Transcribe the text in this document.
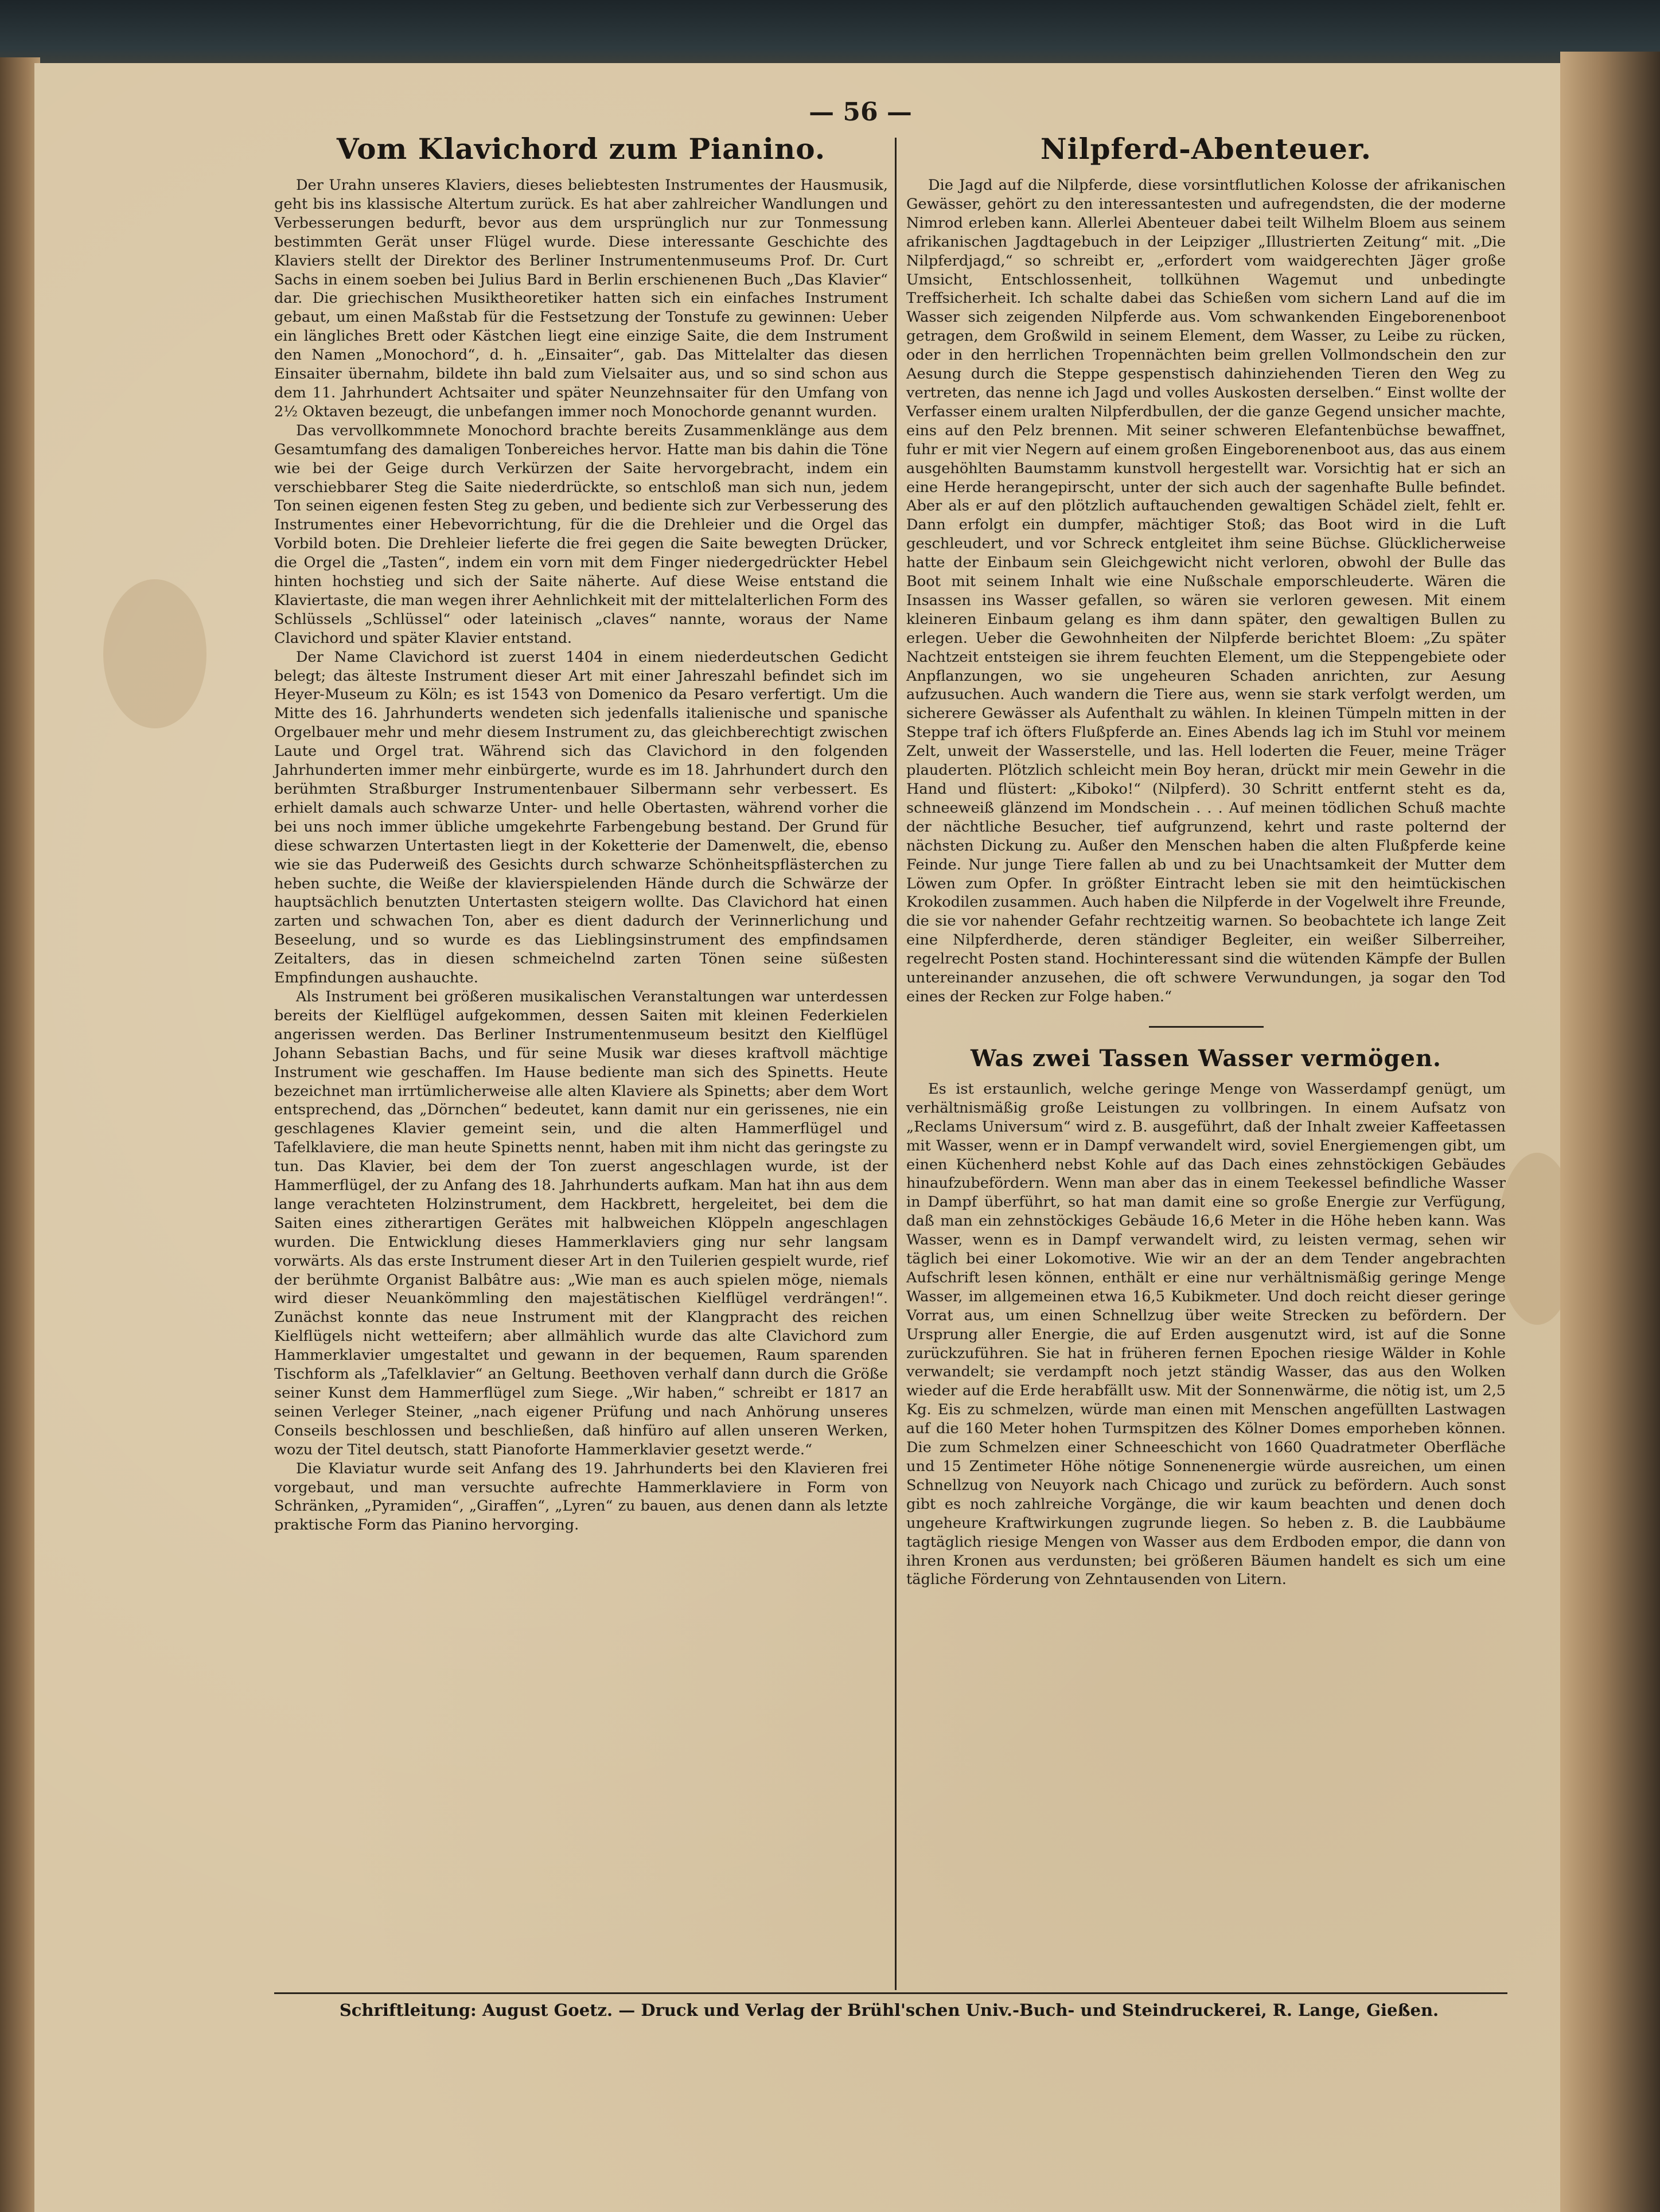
— 56 —
Vom Klavichord zum Pianino.

Der Urahn unseres Klaviers, dieses beliebtesten Instrumentes der Hausmusik, geht bis ins klassische Altertum zurück. Es hat aber zahlreicher Wandlungen und Verbesserungen bedurft, bevor aus dem ursprünglich nur zur Tonmessung bestimmten Gerät unser Flügel wurde. Diese interessante Geschichte des Klaviers stellt der Direktor des Berliner Instrumentenmuseums Prof. Dr. Curt Sachs in einem soeben bei Julius Bard in Berlin erschienenen Buch „Das Klavier“ dar. Die griechischen Musiktheoretiker hatten sich ein einfaches Instrument gebaut, um einen Maßstab für die Festsetzung der Tonstufe zu gewinnen: Ueber ein längliches Brett oder Kästchen liegt eine einzige Saite, die dem Instrument den Namen „Monochord“, d. h. „Einsaiter“, gab. Das Mittelalter das diesen Einsaiter übernahm, bildete ihn bald zum Vielsaiter aus, und so sind schon aus dem 11. Jahrhundert Achtsaiter und später Neunzehnsaiter für den Umfang von 2½ Oktaven bezeugt, die unbefangen immer noch Monochorde genannt wurden.

Das vervollkommnete Monochord brachte bereits Zusammenklänge aus dem Gesamtumfang des damaligen Tonbereiches hervor. Hatte man bis dahin die Töne wie bei der Geige durch Verkürzen der Saite hervorgebracht, indem ein verschiebbarer Steg die Saite niederdrückte, so entschloß man sich nun, jedem Ton seinen eigenen festen Steg zu geben, und bediente sich zur Verbesserung des Instrumentes einer Hebevorrichtung, für die die Drehleier und die Orgel das Vorbild boten. Die Drehleier lieferte die frei gegen die Saite bewegten Drücker, die Orgel die „Tasten“, indem ein vorn mit dem Finger niedergedrückter Hebel hinten hochstieg und sich der Saite näherte. Auf diese Weise entstand die Klaviertaste, die man wegen ihrer Aehnlichkeit mit der mittelalterlichen Form des Schlüssels „Schlüssel“ oder lateinisch „claves“ nannte, woraus der Name Clavichord und später Klavier entstand.

Der Name Clavichord ist zuerst 1404 in einem niederdeutschen Gedicht belegt; das älteste Instrument dieser Art mit einer Jahreszahl befindet sich im Heyer-Museum zu Köln; es ist 1543 von Domenico da Pesaro verfertigt. Um die Mitte des 16. Jahrhunderts wendeten sich jedenfalls italienische und spanische Orgelbauer mehr und mehr diesem Instrument zu, das gleichberechtigt zwischen Laute und Orgel trat. Während sich das Clavichord in den folgenden Jahrhunderten immer mehr einbürgerte, wurde es im 18. Jahrhundert durch den berühmten Straßburger Instrumentenbauer Silbermann sehr verbessert. Es erhielt damals auch schwarze Unter- und helle Obertasten, während vorher die bei uns noch immer übliche umgekehrte Farbengebung bestand. Der Grund für diese schwarzen Untertasten liegt in der Koketterie der Damenwelt, die, ebenso wie sie das Puderweiß des Gesichts durch schwarze Schönheitspflästerchen zu heben suchte, die Weiße der klavierspielenden Hände durch die Schwärze der hauptsächlich benutzten Untertasten steigern wollte. Das Clavichord hat einen zarten und schwachen Ton, aber es dient dadurch der Verinnerlichung und Beseelung, und so wurde es das Lieblingsinstrument des empfindsamen Zeitalters, das in diesen schmeichelnd zarten Tönen seine süßesten Empfindungen aushauchte.

Als Instrument bei größeren musikalischen Veranstaltungen war unterdessen bereits der Kielflügel aufgekommen, dessen Saiten mit kleinen Federkielen angerissen werden. Das Berliner Instrumentenmuseum besitzt den Kielflügel Johann Sebastian Bachs, und für seine Musik war dieses kraftvoll mächtige Instrument wie geschaffen. Im Hause bediente man sich des Spinetts. Heute bezeichnet man irrtümlicherweise alle alten Klaviere als Spinetts; aber dem Wort entsprechend, das „Dörnchen“ bedeutet, kann damit nur ein gerissenes, nie ein geschlagenes Klavier gemeint sein, und die alten Hammerflügel und Tafelklaviere, die man heute Spinetts nennt, haben mit ihm nicht das geringste zu tun. Das Klavier, bei dem der Ton zuerst angeschlagen wurde, ist der Hammerflügel, der zu Anfang des 18. Jahrhunderts aufkam. Man hat ihn aus dem lange verachteten Holzinstrument, dem Hackbrett, hergeleitet, bei dem die Saiten eines zitherartigen Gerätes mit halbweichen Klöppeln angeschlagen wurden. Die Entwicklung dieses Hammerklaviers ging nur sehr langsam vorwärts. Als das erste Instrument dieser Art in den Tuilerien gespielt wurde, rief der berühmte Organist Balbâtre aus: „Wie man es auch spielen möge, niemals wird dieser Neuankömmling den majestätischen Kielflügel verdrängen!“. Zunächst konnte das neue Instrument mit der Klangpracht des reichen Kielflügels nicht wetteifern; aber allmählich wurde das alte Clavichord zum Hammerklavier umgestaltet und gewann in der bequemen, Raum sparenden Tischform als „Tafelklavier“ an Geltung. Beethoven verhalf dann durch die Größe seiner Kunst dem Hammerflügel zum Siege. „Wir haben,“ schreibt er 1817 an seinen Verleger Steiner, „nach eigener Prüfung und nach Anhörung unseres Conseils beschlossen und beschließen, daß hinfüro auf allen unseren Werken, wozu der Titel deutsch, statt Pianoforte Hammerklavier gesetzt werde.“

Die Klaviatur wurde seit Anfang des 19. Jahrhunderts bei den Klavieren frei vorgebaut, und man versuchte aufrechte Hammerklaviere in Form von Schränken, „Pyramiden“, „Giraffen“, „Lyren“ zu bauen, aus denen dann als letzte praktische Form das Pianino hervorging.

Nilpferd-Abenteuer.

Die Jagd auf die Nilpferde, diese vorsintflutlichen Kolosse der afrikanischen Gewässer, gehört zu den interessantesten und aufregendsten, die der moderne Nimrod erleben kann. Allerlei Abenteuer dabei teilt Wilhelm Bloem aus seinem afrikanischen Jagdtagebuch in der Leipziger „Illustrierten Zeitung“ mit. „Die Nilpferdjagd,“ so schreibt er, „erfordert vom waidgerechten Jäger große Umsicht, Entschlossenheit, tollkühnen Wagemut und unbedingte Treffsicherheit. Ich schalte dabei das Schießen vom sichern Land auf die im Wasser sich zeigenden Nilpferde aus. Vom schwankenden Eingeborenenboot getragen, dem Großwild in seinem Element, dem Wasser, zu Leibe zu rücken, oder in den herrlichen Tropennächten beim grellen Vollmondschein den zur Aesung durch die Steppe gespenstisch dahinziehenden Tieren den Weg zu vertreten, das nenne ich Jagd und volles Auskosten derselben.“ Einst wollte der Verfasser einem uralten Nilpferdbullen, der die ganze Gegend unsicher machte, eins auf den Pelz brennen. Mit seiner schweren Elefantenbüchse bewaffnet, fuhr er mit vier Negern auf einem großen Eingeborenenboot aus, das aus einem ausgehöhlten Baumstamm kunstvoll hergestellt war. Vorsichtig hat er sich an eine Herde herangepirscht, unter der sich auch der sagenhafte Bulle befindet. Aber als er auf den plötzlich auftauchenden gewaltigen Schädel zielt, fehlt er. Dann erfolgt ein dumpfer, mächtiger Stoß; das Boot wird in die Luft geschleudert, und vor Schreck entgleitet ihm seine Büchse. Glücklicherweise hatte der Einbaum sein Gleichgewicht nicht verloren, obwohl der Bulle das Boot mit seinem Inhalt wie eine Nußschale emporschleuderte. Wären die Insassen ins Wasser gefallen, so wären sie verloren gewesen. Mit einem kleineren Einbaum gelang es ihm dann später, den gewaltigen Bullen zu erlegen. Ueber die Gewohnheiten der Nilpferde berichtet Bloem: „Zu später Nachtzeit entsteigen sie ihrem feuchten Element, um die Steppengebiete oder Anpflanzungen, wo sie ungeheuren Schaden anrichten, zur Aesung aufzusuchen. Auch wandern die Tiere aus, wenn sie stark verfolgt werden, um sicherere Gewässer als Aufenthalt zu wählen. In kleinen Tümpeln mitten in der Steppe traf ich öfters Flußpferde an. Eines Abends lag ich im Stuhl vor meinem Zelt, unweit der Wasserstelle, und las. Hell loderten die Feuer, meine Träger plauderten. Plötzlich schleicht mein Boy heran, drückt mir mein Gewehr in die Hand und flüstert: „Kiboko!“ (Nilpferd). 30 Schritt entfernt steht es da, schneeweiß glänzend im Mondschein . . . Auf meinen tödlichen Schuß machte der nächtliche Besucher, tief aufgrunzend, kehrt und raste polternd der nächsten Dickung zu. Außer den Menschen haben die alten Flußpferde keine Feinde. Nur junge Tiere fallen ab und zu bei Unachtsamkeit der Mutter dem Löwen zum Opfer. In größter Eintracht leben sie mit den heimtückischen Krokodilen zusammen. Auch haben die Nilpferde in der Vogelwelt ihre Freunde, die sie vor nahender Gefahr rechtzeitig warnen. So beobachtete ich lange Zeit eine Nilpferdherde, deren ständiger Begleiter, ein weißer Silberreiher, regelrecht Posten stand. Hochinteressant sind die wütenden Kämpfe der Bullen untereinander anzusehen, die oft schwere Verwundungen, ja sogar den Tod eines der Recken zur Folge haben.“

Was zwei Tassen Wasser vermögen.

Es ist erstaunlich, welche geringe Menge von Wasserdampf genügt, um verhältnismäßig große Leistungen zu vollbringen. In einem Aufsatz von „Reclams Universum“ wird z. B. ausgeführt, daß der Inhalt zweier Kaffeetassen mit Wasser, wenn er in Dampf verwandelt wird, soviel Energiemengen gibt, um einen Küchenherd nebst Kohle auf das Dach eines zehnstöckigen Gebäudes hinaufzubefördern. Wenn man aber das in einem Teekessel befindliche Wasser in Dampf überführt, so hat man damit eine so große Energie zur Verfügung, daß man ein zehnstöckiges Gebäude 16,6 Meter in die Höhe heben kann. Was Wasser, wenn es in Dampf verwandelt wird, zu leisten vermag, sehen wir täglich bei einer Lokomotive. Wie wir an der an dem Tender angebrachten Aufschrift lesen können, enthält er eine nur verhältnismäßig geringe Menge Wasser, im allgemeinen etwa 16,5 Kubikmeter. Und doch reicht dieser geringe Vorrat aus, um einen Schnellzug über weite Strecken zu befördern. Der Ursprung aller Energie, die auf Erden ausgenutzt wird, ist auf die Sonne zurückzuführen. Sie hat in früheren fernen Epochen riesige Wälder in Kohle verwandelt; sie verdampft noch jetzt ständig Wasser, das aus den Wolken wieder auf die Erde herabfällt usw. Mit der Sonnenwärme, die nötig ist, um 2,5 Kg. Eis zu schmelzen, würde man einen mit Menschen angefüllten Lastwagen auf die 160 Meter hohen Turmspitzen des Kölner Domes emporheben können. Die zum Schmelzen einer Schneeschicht von 1660 Quadratmeter Oberfläche und 15 Zentimeter Höhe nötige Sonnenenergie würde ausreichen, um einen Schnellzug von Neuyork nach Chicago und zurück zu befördern. Auch sonst gibt es noch zahlreiche Vorgänge, die wir kaum beachten und denen doch ungeheure Kraftwirkungen zugrunde liegen. So heben z. B. die Laubbäume tagtäglich riesige Mengen von Wasser aus dem Erdboden empor, die dann von ihren Kronen aus verdunsten; bei größeren Bäumen handelt es sich um eine tägliche Förderung von Zehntausenden von Litern.

Schriftleitung: August Goetz. — Druck und Verlag der Brühl'schen Univ.-Buch- und Steindruckerei, R. Lange, Gießen.
